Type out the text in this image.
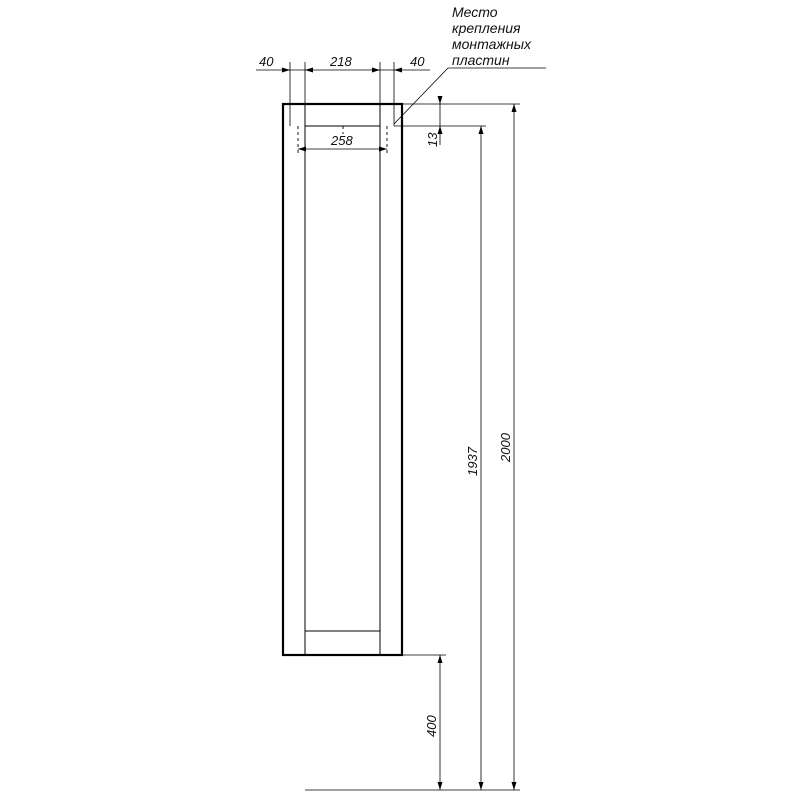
40	218	40
258
Место
крепления
монтажных
пластин
13
1937 2000
400
